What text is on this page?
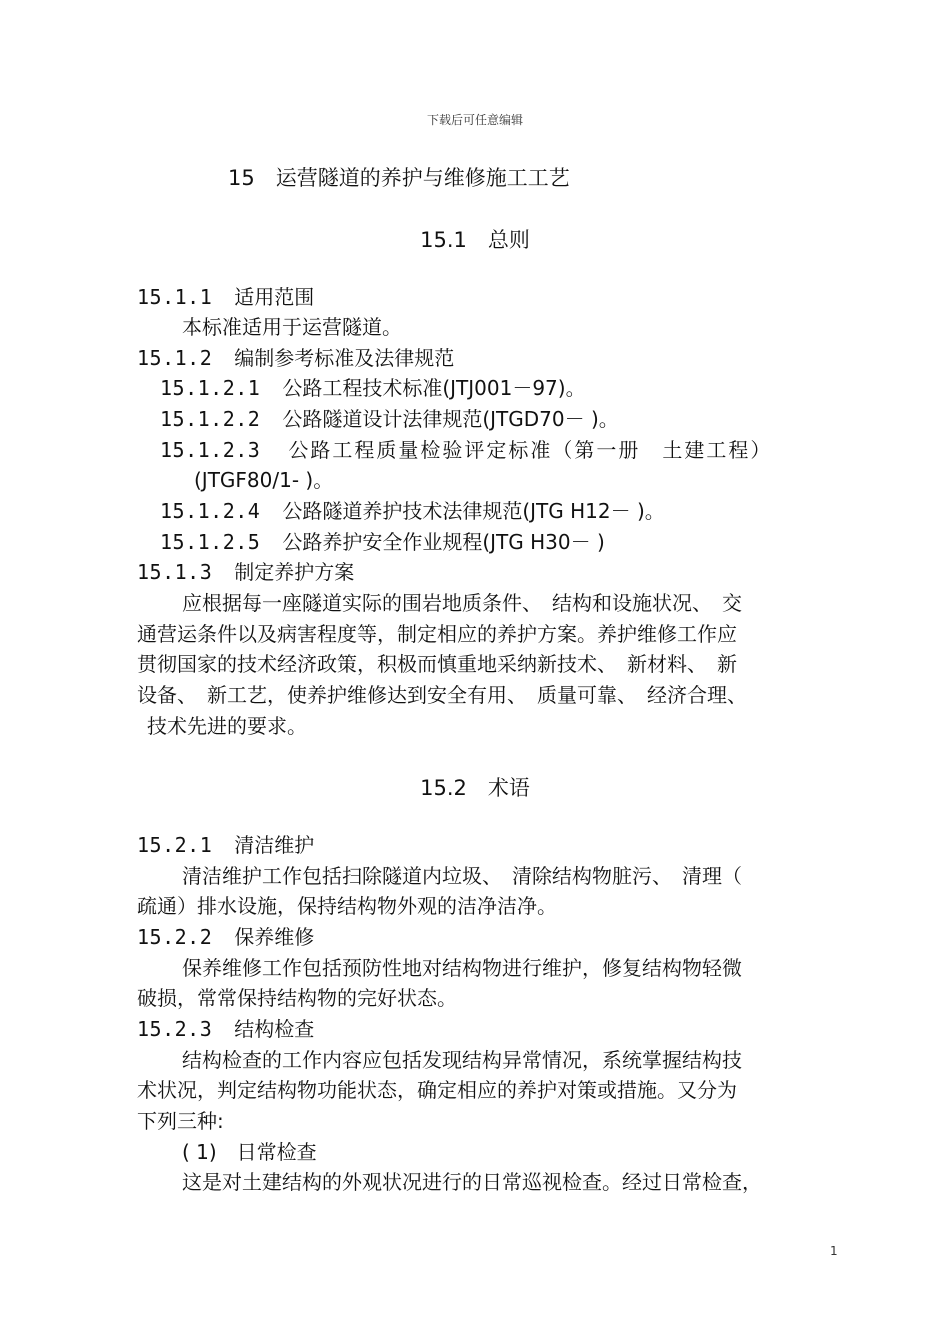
下载后可任意编辑
15　运营隧道的养护与维修施工工艺
15.1　总则
15.1.1 适用范围
本标准适用于运营隧道。
15.1.2 编制参考标准及法律规范
15.1.2.1 公路工程技术标准(JTJ001－97)。
15.1.2.2 公路隧道设计法律规范(JTGD70－ )。
15.1.2.3 公路工程质量检验评定标准（第一册　土建工程）
(JTGF80/1- )。
15.1.2.4 公路隧道养护技术法律规范(JTG H12－ )。
15.1.2.5 公路养护安全作业规程(JTG H30－ )
15.1.3 制定养护方案
应根据每一座隧道实际的围岩地质条件、　结构和设施状况、　交
通营运条件以及病害程度等，制定相应的养护方案。养护维修工作应
贯彻国家的技术经济政策，积极而慎重地采纳新技术、　新材料、　新
设备、　新工艺，使养护维修达到安全有用、　质量可靠、　经济合理、
技术先进的要求。
15.2　术语
15.2.1 清洁维护
清洁维护工作包括扫除隧道内垃圾、　清除结构物脏污、　清理（
疏通）排水设施，保持结构物外观的洁净洁净。
15.2.2 保养维修
保养维修工作包括预防性地对结构物进行维护，修复结构物轻微
破损，常常保持结构物的完好状态。
15.2.3 结构检查
结构检查的工作内容应包括发现结构异常情况，系统掌握结构技
术状况，判定结构物功能状态，确定相应的养护对策或措施。又分为
下列三种:
( 1)　日常检查
这是对土建结构的外观状况进行的日常巡视检查。经过日常检查，
1
